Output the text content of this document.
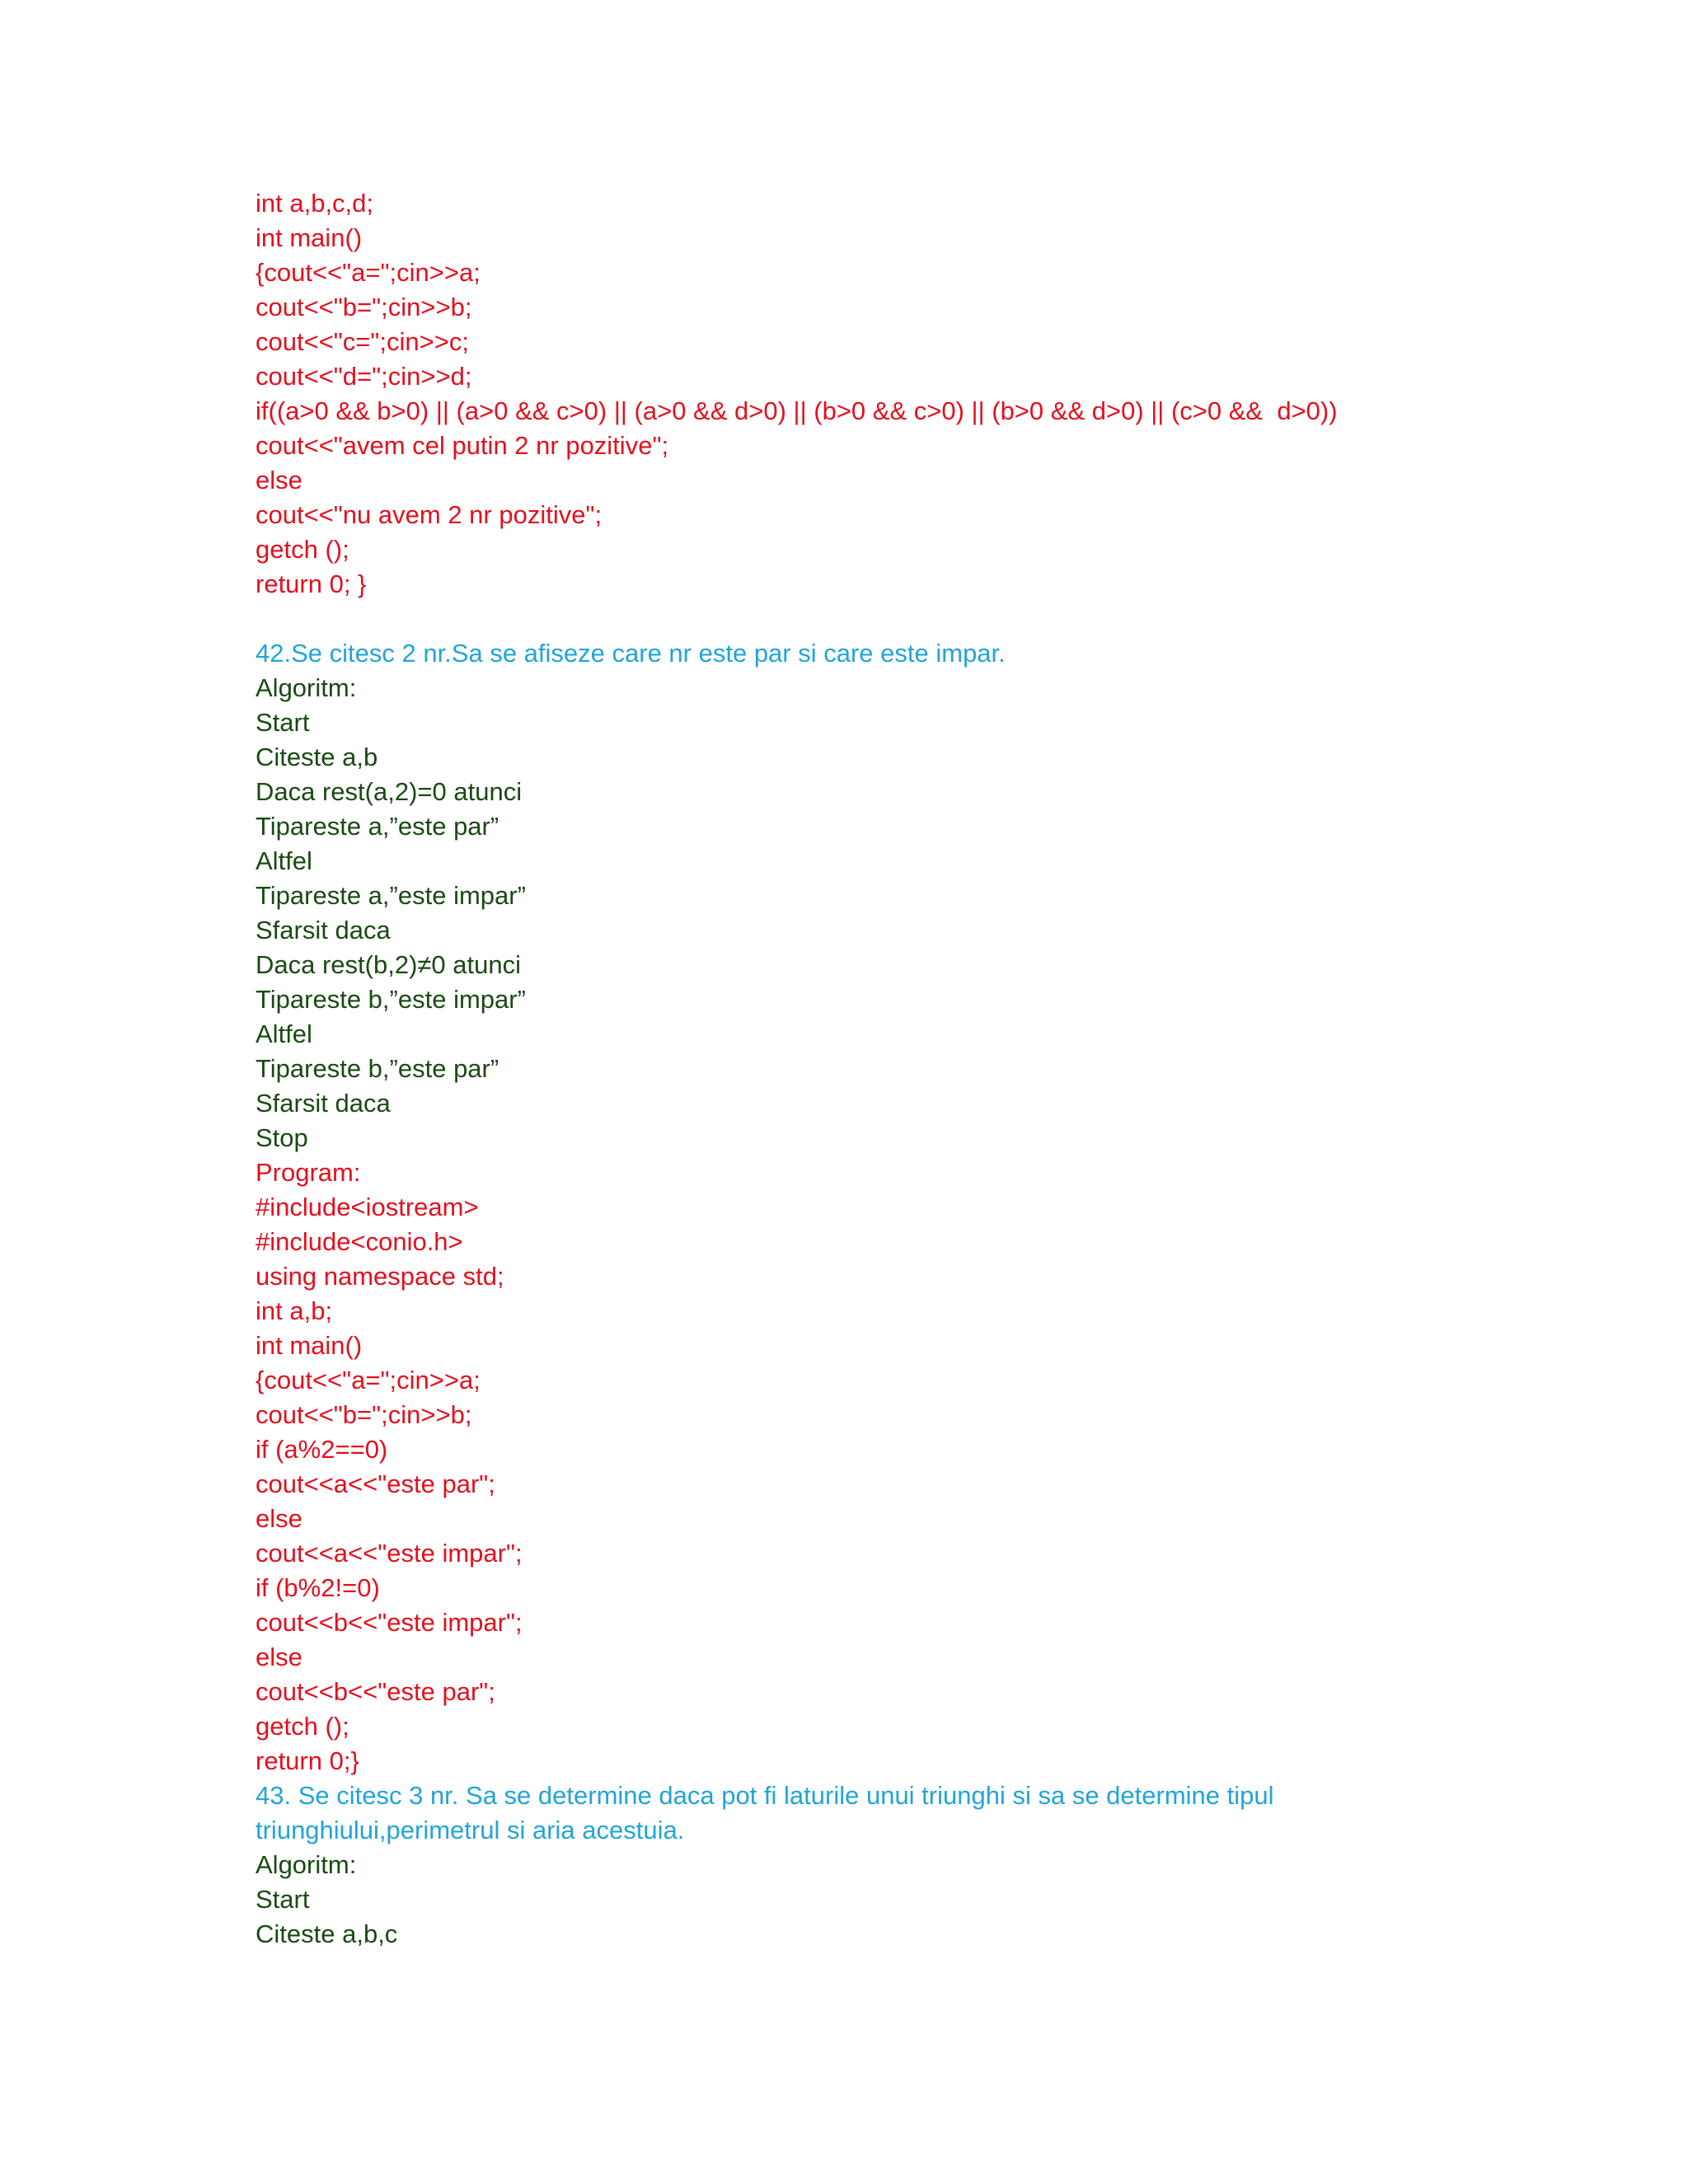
int a,b,c,d;

int main()

{cout<<"a=";cin>>a;

cout<<"b=";cin>>b;

cout<<"c=";cin>>c;

cout<<"d=";cin>>d;

if((a>0 && b>0) || (a>0 && c>0) || (a>0 && d>0) || (b>0 && c>0) || (b>0 && d>0) || (c>0 &&  d>0))

cout<<"avem cel putin 2 nr pozitive";

else

cout<<"nu avem 2 nr pozitive";

getch ();

return 0; }

42.Se citesc 2 nr.Sa se afiseze care nr este par si care este impar.

Algoritm:

Start

Citeste a,b

Daca rest(a,2)=0 atunci

Tipareste a,”este par”

Altfel

Tipareste a,”este impar”

Sfarsit daca

Daca rest(b,2)≠0 atunci

Tipareste b,”este impar”

Altfel

Tipareste b,”este par”

Sfarsit daca

Stop

Program:

#include<iostream>

#include<conio.h>

using namespace std;

int a,b;

int main()

{cout<<"a=";cin>>a;

cout<<"b=";cin>>b;

if (a%2==0)

cout<<a<<"este par";

else

cout<<a<<"este impar";

if (b%2!=0)

cout<<b<<"este impar";

else

cout<<b<<"este par";

getch ();

return 0;}

43. Se citesc 3 nr. Sa se determine daca pot fi laturile unui triunghi si sa se determine tipul

triunghiului,perimetrul si aria acestuia.

Algoritm:

Start

Citeste a,b,c
